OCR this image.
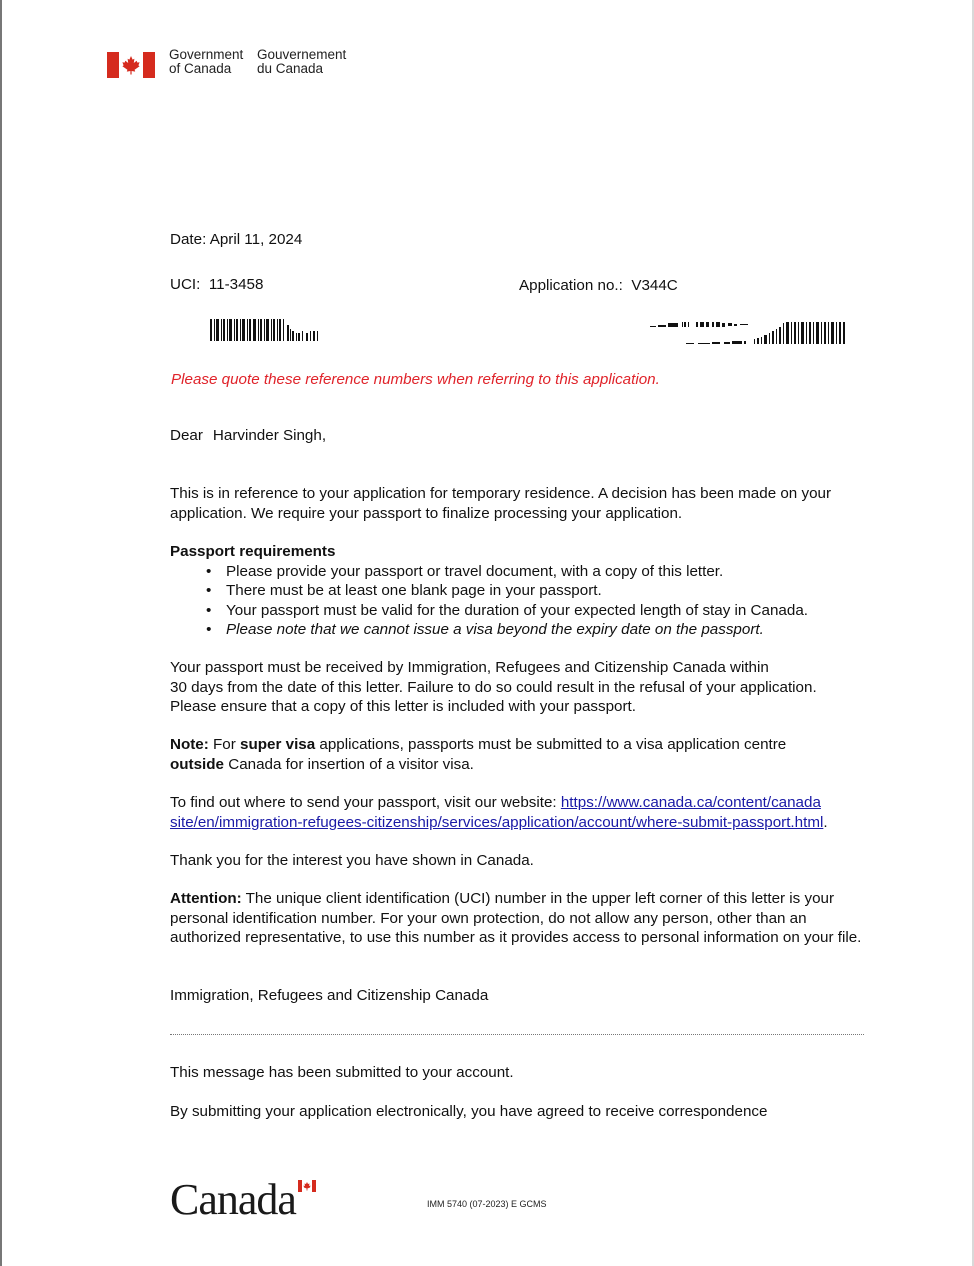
Government
of Canada
Gouvernement
du Canada
Date: April 11, 2024
UCI: 11-3458	Application no.: V344C
Please quote these reference numbers when referring to this application.
Dear Harvinder Singh,
This is in reference to your application for temporary residence. A decision has been made on your application. We require your passport to finalize processing your application.
Passport requirements
• Please provide your passport or travel document, with a copy of this letter.
• There must be at least one blank page in your passport.
• Your passport must be valid for the duration of your expected length of stay in Canada.
• Please note that we cannot issue a visa beyond the expiry date on the passport.
Your passport must be received by Immigration, Refugees and Citizenship Canada within
30 days from the date of this letter. Failure to do so could result in the refusal of your application.
Please ensure that a copy of this letter is included with your passport.
Note: For super visa applications, passports must be submitted to a visa application centre
outside Canada for insertion of a visitor visa.
To find out where to send your passport, visit our website: https://www.canada.ca/content/canada
site/en/immigration-refugees-citizenship/services/application/account/where-submit-passport.html.
Thank you for the interest you have shown in Canada.
Attention: The unique client identification (UCI) number in the upper left corner of this letter is your personal identification number. For your own protection, do not allow any person, other than an authorized representative, to use this number as it provides access to personal information on your file.
Immigration, Refugees and Citizenship Canada
This message has been submitted to your account.
By submitting your application electronically, you have agreed to receive correspondence
Canada	IMM 5740 (07-2023) E GCMS
